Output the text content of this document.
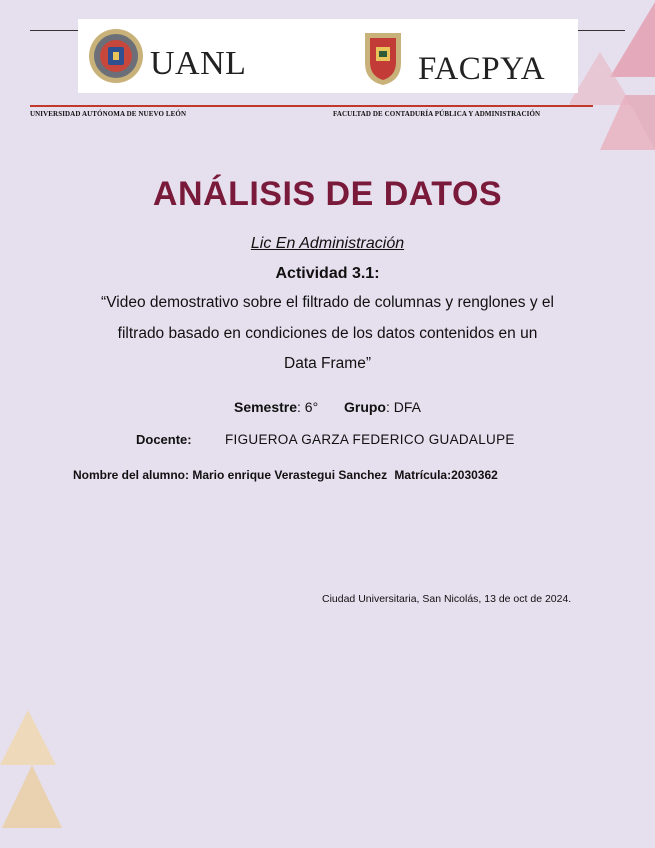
UANL	FACPYA
UNIVERSIDAD AUTÓNOMA DE NUEVO LEÓN	FACULTAD DE CONTADURÍA PÚBLICA Y ADMINISTRACIÓN
ANÁLISIS DE DATOS
Lic En Administración
Actividad 3.1:
“Video demostrativo sobre el filtrado de columnas y renglones y el
filtrado basado en condiciones de los datos contenidos en un
Data Frame”
Semestre: 6° Grupo: DFA
Docente: FIGUEROA GARZA FEDERICO GUADALUPE
Nombre del alumno: Mario enrique Verastegui Sanchez Matrícula:2030362
Ciudad Universitaria, San Nicolás, 13 de oct de 2024.
